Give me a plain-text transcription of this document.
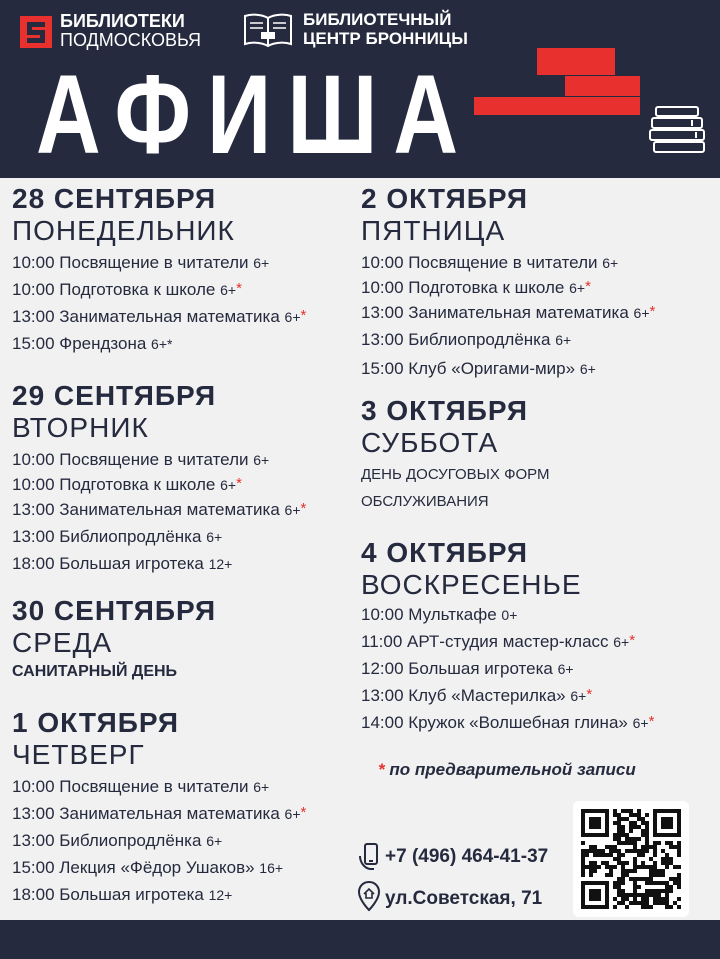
БИБЛИОТЕКИ
ПОДМОСКОВЬЯ
БИБЛИОТЕЧНЫЙ
ЦЕНТР БРОННИЦЫ
АФИША
28 СЕНТЯБРЯ
ПОНЕДЕЛЬНИК
10:00 Посвящение в читатели 6+
10:00 Подготовка к школе 6+*
13:00 Занимательная математика 6+*
15:00 Френдзона 6+*
29 СЕНТЯБРЯ
ВТОРНИК
10:00 Посвящение в читатели 6+
10:00 Подготовка к школе 6+*
13:00 Занимательная математика 6+*
13:00 Библиопродлёнка 6+
18:00 Большая игротека 12+
30 СЕНТЯБРЯ
СРЕДА
САНИТАРНЫЙ ДЕНЬ
1 ОКТЯБРЯ
ЧЕТВЕРГ
10:00 Посвящение в читатели 6+
13:00 Занимательная математика 6+*
13:00 Библиопродлёнка 6+
15:00 Лекция «Фёдор Ушаков» 16+
18:00 Большая игротека 12+
2 ОКТЯБРЯ
ПЯТНИЦА
10:00 Посвящение в читатели 6+
10:00 Подготовка к школе 6+*
13:00 Занимательная математика 6+*
13:00 Библиопродлёнка 6+
15:00 Клуб «Оригами-мир» 6+
3 ОКТЯБРЯ
СУББОТА
ДЕНЬ ДОСУГОВЫХ ФОРМ
ОБСЛУЖИВАНИЯ
4 ОКТЯБРЯ
ВОСКРЕСЕНЬЕ
10:00 Мульткафе 0+
11:00 АРТ-студия мастер-класс 6+*
12:00 Большая игротека 6+
13:00 Клуб «Мастерилка» 6+*
14:00 Кружок «Волшебная глина» 6+*
* по предварительной записи
+7 (496) 464-41-37
ул.Советская, 71
